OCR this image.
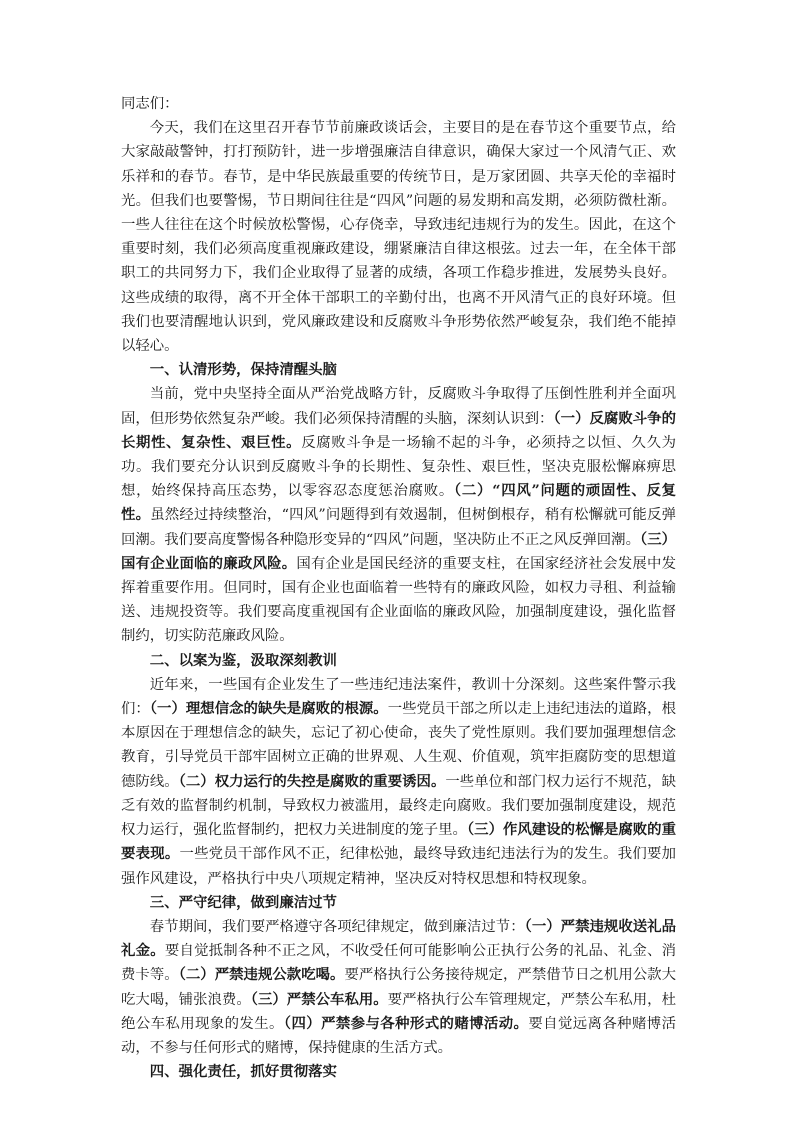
同志们：

今天，我们在这里召开春节节前廉政谈话会，主要目的是在春节这个重要节点，给大家敲敲警钟，打打预防针，进一步增强廉洁自律意识，确保大家过一个风清气正、欢乐祥和的春节。春节，是中华民族最重要的传统节日，是万家团圆、共享天伦的幸福时光。但我们也要警惕，节日期间往往是“四风”问题的易发期和高发期，必须防微杜渐。一些人往往在这个时候放松警惕，心存侥幸，导致违纪违规行为的发生。因此，在这个重要时刻，我们必须高度重视廉政建设，绷紧廉洁自律这根弦。过去一年，在全体干部职工的共同努力下，我们企业取得了显著的成绩，各项工作稳步推进，发展势头良好。这些成绩的取得，离不开全体干部职工的辛勤付出，也离不开风清气正的良好环境。但我们也要清醒地认识到，党风廉政建设和反腐败斗争形势依然严峻复杂，我们绝不能掉以轻心。

一、认清形势，保持清醒头脑

当前，党中央坚持全面从严治党战略方针，反腐败斗争取得了压倒性胜利并全面巩固，但形势依然复杂严峻。我们必须保持清醒的头脑，深刻认识到：（一）反腐败斗争的长期性、复杂性、艰巨性。反腐败斗争是一场输不起的斗争，必须持之以恒、久久为功。我们要充分认识到反腐败斗争的长期性、复杂性、艰巨性，坚决克服松懈麻痹思想，始终保持高压态势，以零容忍态度惩治腐败。（二）“四风”问题的顽固性、反复性。虽然经过持续整治，“四风”问题得到有效遏制，但树倒根存，稍有松懈就可能反弹回潮。我们要高度警惕各种隐形变异的“四风”问题，坚决防止不正之风反弹回潮。（三）国有企业面临的廉政风险。国有企业是国民经济的重要支柱，在国家经济社会发展中发挥着重要作用。但同时，国有企业也面临着一些特有的廉政风险，如权力寻租、利益输送、违规投资等。我们要高度重视国有企业面临的廉政风险，加强制度建设，强化监督制约，切实防范廉政风险。

二、以案为鉴，汲取深刻教训

近年来，一些国有企业发生了一些违纪违法案件，教训十分深刻。这些案件警示我们：（一）理想信念的缺失是腐败的根源。一些党员干部之所以走上违纪违法的道路，根本原因在于理想信念的缺失，忘记了初心使命，丧失了党性原则。我们要加强理想信念教育，引导党员干部牢固树立正确的世界观、人生观、价值观，筑牢拒腐防变的思想道德防线。（二）权力运行的失控是腐败的重要诱因。一些单位和部门权力运行不规范，缺乏有效的监督制约机制，导致权力被滥用，最终走向腐败。我们要加强制度建设，规范权力运行，强化监督制约，把权力关进制度的笼子里。（三）作风建设的松懈是腐败的重要表现。一些党员干部作风不正，纪律松弛，最终导致违纪违法行为的发生。我们要加强作风建设，严格执行中央八项规定精神，坚决反对特权思想和特权现象。

三、严守纪律，做到廉洁过节

春节期间，我们要严格遵守各项纪律规定，做到廉洁过节：（一）严禁违规收送礼品礼金。要自觉抵制各种不正之风，不收受任何可能影响公正执行公务的礼品、礼金、消费卡等。（二）严禁违规公款吃喝。要严格执行公务接待规定，严禁借节日之机用公款大吃大喝，铺张浪费。（三）严禁公车私用。要严格执行公车管理规定，严禁公车私用，杜绝公车私用现象的发生。（四）严禁参与各种形式的赌博活动。要自觉远离各种赌博活动，不参与任何形式的赌博，保持健康的生活方式。

四、强化责任，抓好贯彻落实
